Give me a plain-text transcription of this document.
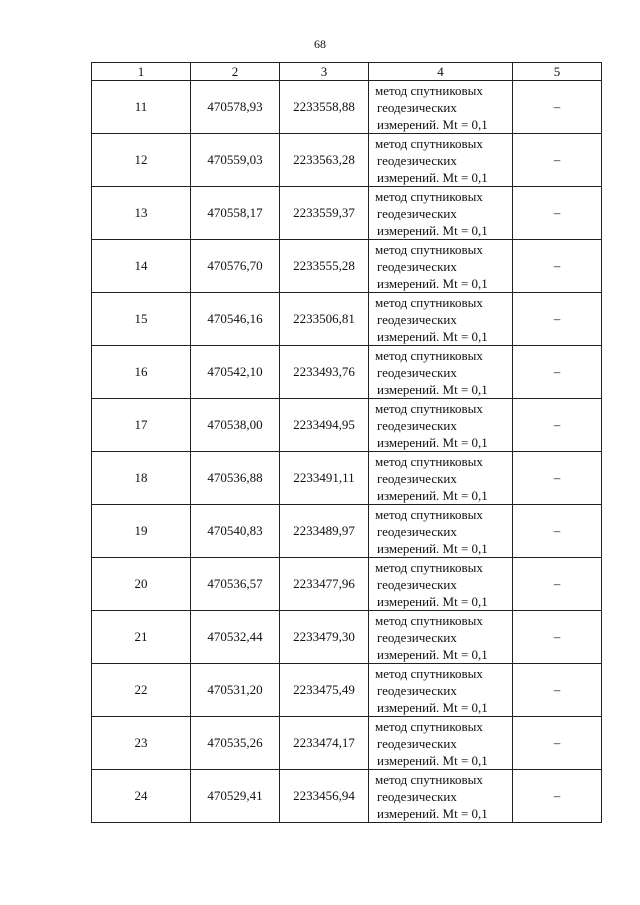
68
1	2	3	4	5
11	470578,93	2233558,88	метод спутниковых
геодезических
измерений. Mt = 0,1	–
12	470559,03	2233563,28	метод спутниковых
геодезических
измерений. Mt = 0,1	–
13	470558,17	2233559,37	метод спутниковых
геодезических
измерений. Mt = 0,1	–
14	470576,70	2233555,28	метод спутниковых
геодезических
измерений. Mt = 0,1	–
15	470546,16	2233506,81	метод спутниковых
геодезических
измерений. Mt = 0,1	–
16	470542,10	2233493,76	метод спутниковых
геодезических
измерений. Mt = 0,1	–
17	470538,00	2233494,95	метод спутниковых
геодезических
измерений. Mt = 0,1	–
18	470536,88	2233491,11	метод спутниковых
геодезических
измерений. Mt = 0,1	–
19	470540,83	2233489,97	метод спутниковых
геодезических
измерений. Mt = 0,1	–
20	470536,57	2233477,96	метод спутниковых
геодезических
измерений. Mt = 0,1	–
21	470532,44	2233479,30	метод спутниковых
геодезических
измерений. Mt = 0,1	–
22	470531,20	2233475,49	метод спутниковых
геодезических
измерений. Mt = 0,1	–
23	470535,26	2233474,17	метод спутниковых
геодезических
измерений. Mt = 0,1	–
24	470529,41	2233456,94	метод спутниковых
геодезических
измерений. Mt = 0,1	–
